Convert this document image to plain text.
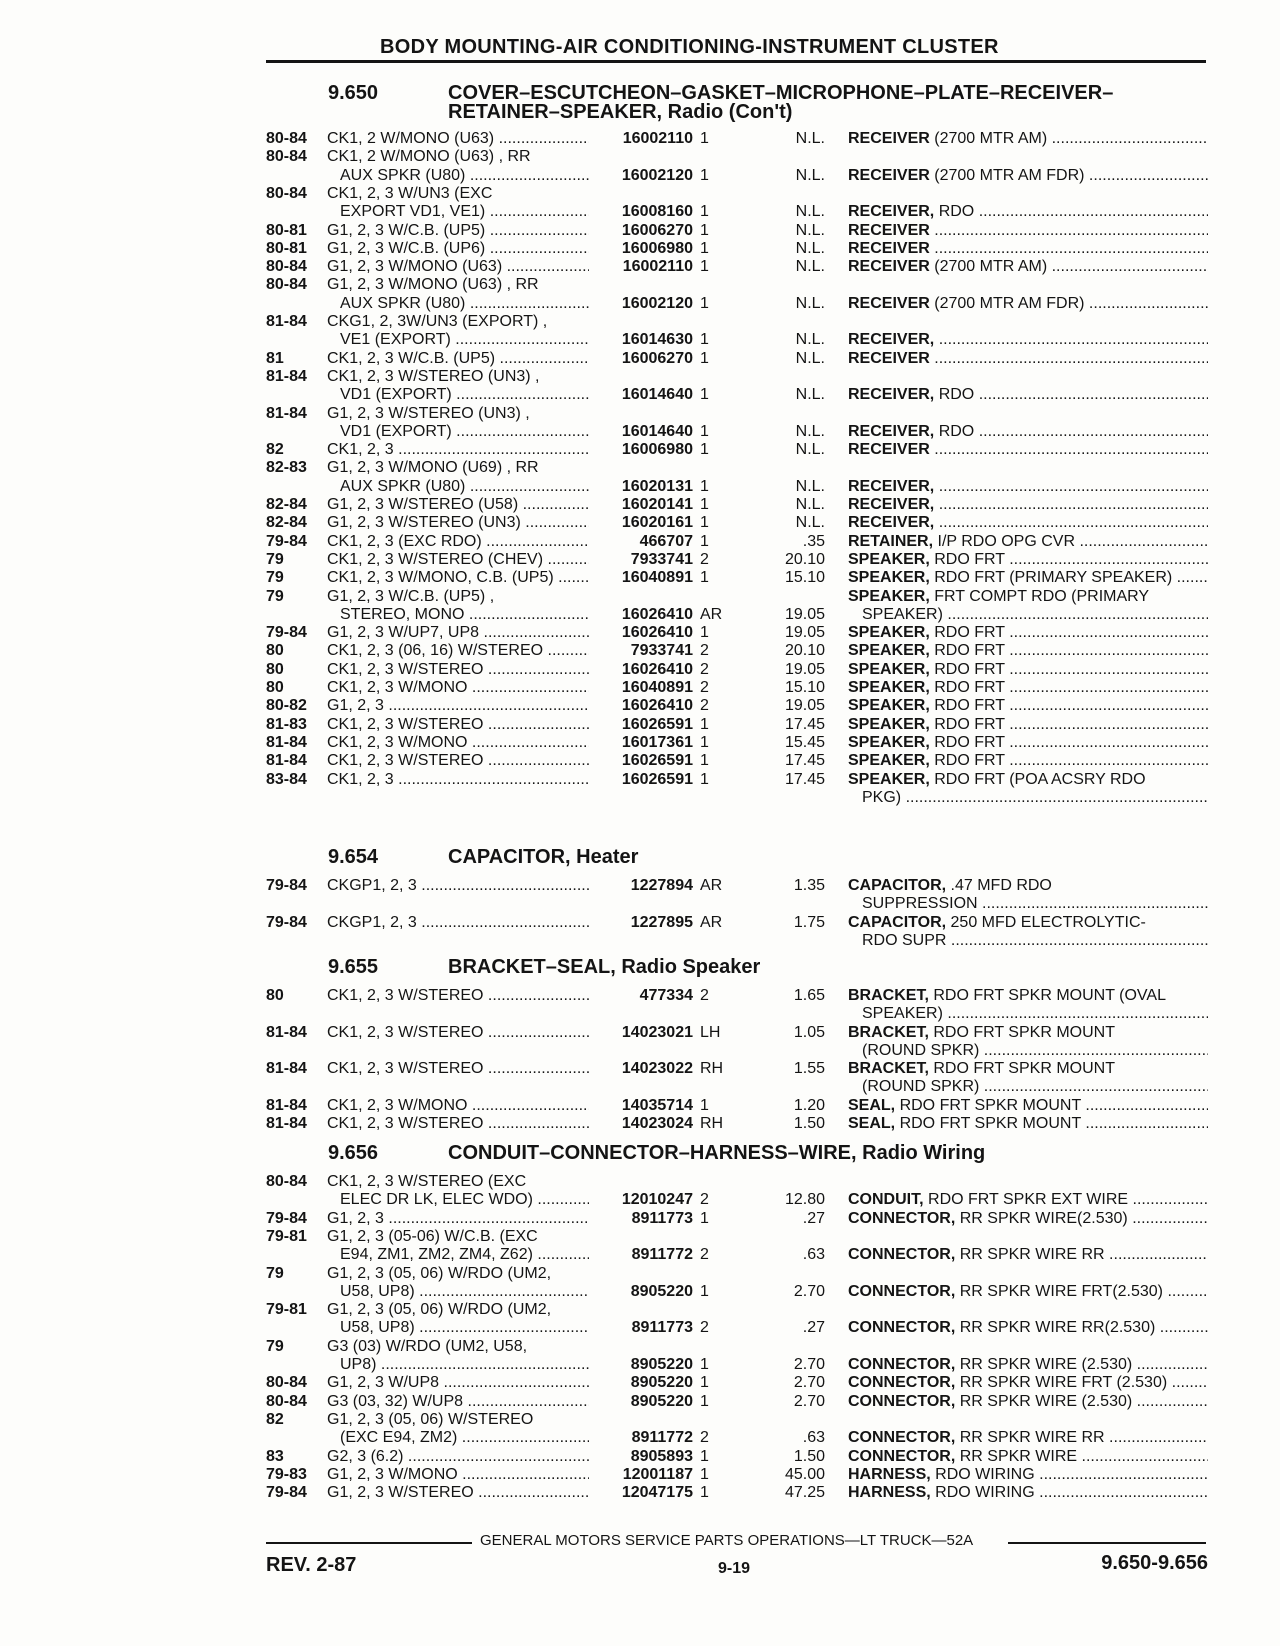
BODY MOUNTING-AIR CONDITIONING-INSTRUMENT CLUSTER
9.650	COVER–ESCUTCHEON–GASKET–MICROPHONE–PLATE–RECEIVER–
RETAINER–SPEAKER, Radio (Con't)
80-84 CK1, 2 W/MONO (U63) .....	16002110 1	N.L. RECEIVER (2700 MTR AM) .....
80-84 CK1, 2 W/MONO (U63) , RR
AUX SPKR (U80) .....	16002120 1	N.L. RECEIVER (2700 MTR AM FDR) .....
80-84 CK1, 2, 3 W/UN3 (EXC
EXPORT VD1, VE1) .....	16008160 1	N.L. RECEIVER, RDO .....
80-81 G1, 2, 3 W/C.B. (UP5) .....	16006270 1	N.L. RECEIVER .....
80-81 G1, 2, 3 W/C.B. (UP6) .....	16006980 1	N.L. RECEIVER .....
80-84 G1, 2, 3 W/MONO (U63) .....	16002110 1	N.L. RECEIVER (2700 MTR AM) .....
80-84 G1, 2, 3 W/MONO (U63) , RR
AUX SPKR (U80) .....	16002120 1	N.L. RECEIVER (2700 MTR AM FDR) .....
81-84 CKG1, 2, 3W/UN3 (EXPORT) ,
VE1 (EXPORT) .....	16014630 1	N.L. RECEIVER, .....
81	CK1, 2, 3 W/C.B. (UP5) .....	16006270 1	N.L. RECEIVER .....
81-84 CK1, 2, 3 W/STEREO (UN3) ,
VD1 (EXPORT) .....	16014640 1	N.L. RECEIVER, RDO .....
81-84 G1, 2, 3 W/STEREO (UN3) ,
VD1 (EXPORT) .....	16014640 1	N.L. RECEIVER, RDO .....
82	CK1, 2, 3 .....	16006980 1	N.L. RECEIVER .....
82-83 G1, 2, 3 W/MONO (U69) , RR
AUX SPKR (U80) .....	16020131 1	N.L. RECEIVER, .....
82-84 G1, 2, 3 W/STEREO (U58) .....	16020141 1	N.L. RECEIVER, .....
82-84 G1, 2, 3 W/STEREO (UN3) .....	16020161 1	N.L. RECEIVER, .....
79-84 CK1, 2, 3 (EXC RDO) .....	466707 1	.35 RETAINER, I/P RDO OPG CVR .....
79	CK1, 2, 3 W/STEREO (CHEV) .....	7933741 2	20.10 SPEAKER, RDO FRT .....
79	CK1, 2, 3 W/MONO, C.B. (UP5) .....	16040891 1	15.10 SPEAKER, RDO FRT (PRIMARY SPEAKER) .....
79	G1, 2, 3 W/C.B. (UP5) ,
STEREO, MONO .....	16026410 AR	19.05
SPEAKER, FRT COMPT RDO (PRIMARY
SPEAKER) .....
79-84 G1, 2, 3 W/UP7, UP8 .....	16026410 1	19.05 SPEAKER, RDO FRT .....
80	CK1, 2, 3 (06, 16) W/STEREO .....	7933741 2	20.10 SPEAKER, RDO FRT .....
80	CK1, 2, 3 W/STEREO .....	16026410 2	19.05 SPEAKER, RDO FRT .....
80	CK1, 2, 3 W/MONO .....	16040891 2	15.10 SPEAKER, RDO FRT .....
80-82 G1, 2, 3 .....	16026410 2	19.05 SPEAKER, RDO FRT .....
81-83 CK1, 2, 3 W/STEREO .....	16026591 1	17.45 SPEAKER, RDO FRT .....
81-84 CK1, 2, 3 W/MONO .....	16017361 1	15.45 SPEAKER, RDO FRT .....
81-84 CK1, 2, 3 W/STEREO .....	16026591 1	17.45 SPEAKER, RDO FRT .....
83-84 CK1, 2, 3 .....	16026591 1	17.45 SPEAKER, RDO FRT (POA ACSRY RDO
PKG) .....
9.654	CAPACITOR, Heater
79-84 CKGP1, 2, 3 .....	1227894 AR	1.35 CAPACITOR, .47 MFD RDO
SUPPRESSION .....
79-84 CKGP1, 2, 3 .....	1227895 AR	1.75 CAPACITOR, 250 MFD ELECTROLYTIC-
RDO SUPR .....
9.655	BRACKET–SEAL, Radio Speaker
80	CK1, 2, 3 W/STEREO .....	477334 2	1.65 BRACKET, RDO FRT SPKR MOUNT (OVAL
SPEAKER) .....
81-84 CK1, 2, 3 W/STEREO .....	14023021 LH	1.05 BRACKET, RDO FRT SPKR MOUNT
(ROUND SPKR) .....
81-84 CK1, 2, 3 W/STEREO .....	14023022 RH	1.55 BRACKET, RDO FRT SPKR MOUNT
(ROUND SPKR) .....
81-84 CK1, 2, 3 W/MONO .....	14035714 1	1.20 SEAL, RDO FRT SPKR MOUNT .....
81-84 CK1, 2, 3 W/STEREO .....	14023024 RH	1.50 SEAL, RDO FRT SPKR MOUNT .....
9.656	CONDUIT–CONNECTOR–HARNESS–WIRE, Radio Wiring
80-84 CK1, 2, 3 W/STEREO (EXC
ELEC DR LK, ELEC WDO) .....	12010247 2	12.80 CONDUIT, RDO FRT SPKR EXT WIRE .....
79-84 G1, 2, 3 .....	8911773 1	.27 CONNECTOR, RR SPKR WIRE(2.530) .....
79-81 G1, 2, 3 (05-06) W/C.B. (EXC
E94, ZM1, ZM2, ZM4, Z62) .....	8911772 2	.63 CONNECTOR, RR SPKR WIRE RR .....
79	G1, 2, 3 (05, 06) W/RDO (UM2,
U58, UP8) .....	8905220 1	2.70 CONNECTOR, RR SPKR WIRE FRT(2.530) .....
79-81 G1, 2, 3 (05, 06) W/RDO (UM2,
U58, UP8) .....	8911773 2	.27 CONNECTOR, RR SPKR WIRE RR(2.530) .....
79	G3 (03) W/RDO (UM2, U58,
UP8) .....	8905220 1	2.70 CONNECTOR, RR SPKR WIRE (2.530) .....
80-84 G1, 2, 3 W/UP8 .....	8905220 1	2.70 CONNECTOR, RR SPKR WIRE FRT (2.530) .....
80-84 G3 (03, 32) W/UP8 .....	8905220 1	2.70 CONNECTOR, RR SPKR WIRE (2.530) .....
82	G1, 2, 3 (05, 06) W/STEREO
(EXC E94, ZM2) .....	8911772 2	.63 CONNECTOR, RR SPKR WIRE RR .....
83	G2, 3 (6.2) .....	8905893 1	1.50 CONNECTOR, RR SPKR WIRE .....
79-83 G1, 2, 3 W/MONO .....	12001187 1	45.00 HARNESS, RDO WIRING .....
79-84 G1, 2, 3 W/STEREO .....	12047175 1	47.25 HARNESS, RDO WIRING .....
GENERAL MOTORS SERVICE PARTS OPERATIONS—LT TRUCK—52A
REV. 2-87	9-19	9.650-9.656
